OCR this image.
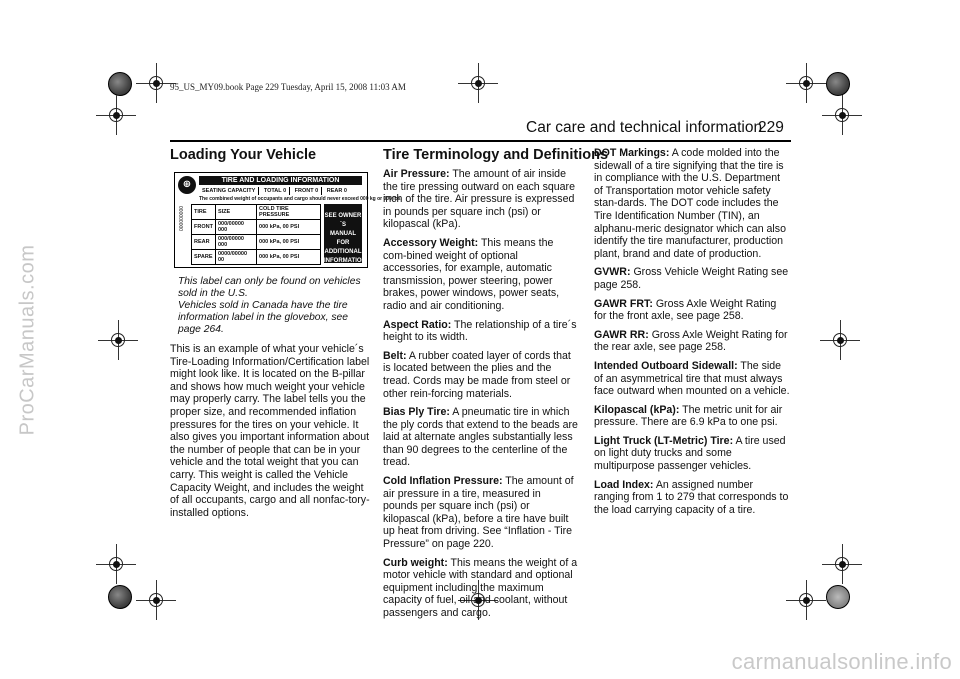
ProCarManuals.com
95_US_MY09.book Page 229 Tuesday, April 15, 2008 11:03 AM
Car care and technical information
229
Loading Your Vehicle
⊕	TIRE AND LOADING INFORMATION
SEATING CAPACITY TOTAL 0 FRONT 0 REAR 0
The combined weight of occupants and cargo should never exceed 000 kg or 000 lbs.
TIRE	SIZE	COLD TIRE PRESSURE
FRONT	000/00000 000	000 kPa, 00 PSI
REAR	000/00000 000	000 kPa, 00 PSI
SPARE	0000/00000 00	000 kPa, 00 PSI
SEE OWNER´S
MANUAL FOR
ADDITIONAL
INFORMATION
000000000
This label can only be found on vehicles sold in the U.S.
Vehicles sold in Canada have the tire information label in the glovebox, see page 264.

This is an example of what your vehicle´s Tire-Loading Information/Certification label might look like. It is located on the B-pillar and shows how much weight your vehicle may properly carry. The label tells you the proper size, and recommended inflation pressures for the tires on your vehicle. It also gives you important information about the number of people that can be in your vehicle and the total weight that you can carry. This weight is called the Vehicle Capacity Weight, and includes the weight of all occupants, cargo and all nonfac-tory-installed options.

Tire Terminology and Definitions

Air Pressure: The amount of air inside the tire pressing outward on each square inch of the tire. Air pressure is expressed in pounds per square inch (psi) or kilopascal (kPa).

Accessory Weight: This means the com-bined weight of optional accessories, for example, automatic transmission, power steering, power brakes, power windows, power seats, radio and air conditioning.

Aspect Ratio: The relationship of a tire´s height to its width.

Belt: A rubber coated layer of cords that is located between the plies and the tread. Cords may be made from steel or other rein-forcing materials.

Bias Ply Tire: A pneumatic tire in which the ply cords that extend to the beads are laid at alternate angles substantially less than 90 degrees to the centerline of the tread.

Cold Inflation Pressure: The amount of air pressure in a tire, measured in pounds per square inch (psi) or kilopascal (kPa), before a tire have built up heat from driving. See “Inflation - Tire Pressure” on page 220.

Curb weight: This means the weight of a motor vehicle with standard and optional equipment including the maximum capacity of fuel, oil and coolant, without passengers and cargo.

DOT Markings: A code molded into the sidewall of a tire signifying that the tire is in compliance with the U.S. Department of Transportation motor vehicle safety stan-dards. The DOT code includes the Tire Identification Number (TIN), an alphanu-meric designator which can also identify the tire manufacturer, production plant, brand and date of production.

GVWR: Gross Vehicle Weight Rating see page 258.

GAWR FRT: Gross Axle Weight Rating for the front axle, see page 258.

GAWR RR: Gross Axle Weight Rating for the rear axle, see page 258.

Intended Outboard Sidewall: The side of an asymmetrical tire that must always face outward when mounted on a vehicle.

Kilopascal (kPa): The metric unit for air pressure. There are 6.9 kPa to one psi.

Light Truck (LT-Metric) Tire: A tire used on light duty trucks and some multipurpose passenger vehicles.

Load Index: An assigned number ranging from 1 to 279 that corresponds to the load carrying capacity of a tire.

carmanualsonline.info
